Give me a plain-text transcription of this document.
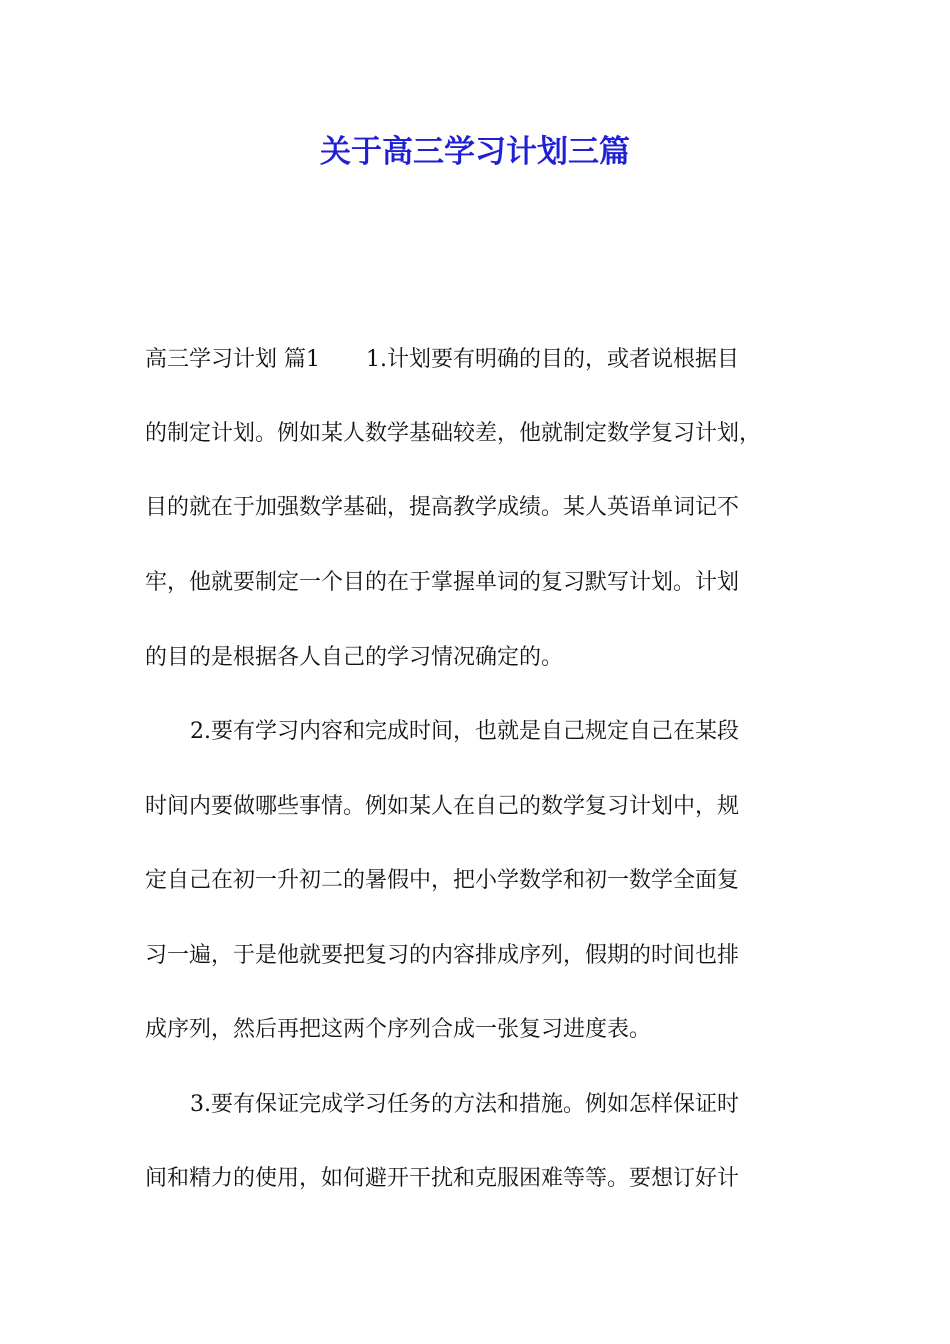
关于高三学习计划三篇

高三学习计划 篇1 1.计划要有明确的目的，或者说根据目

的制定计划。例如某人数学基础较差，他就制定数学复习计划，

目的就在于加强数学基础，提高教学成绩。某人英语单词记不

牢，他就要制定一个目的在于掌握单词的复习默写计划。计划

的目的是根据各人自己的学习情况确定的。

2.要有学习内容和完成时间，也就是自己规定自己在某段

时间内要做哪些事情。例如某人在自己的数学复习计划中，规

定自己在初一升初二的暑假中，把小学数学和初一数学全面复

习一遍，于是他就要把复习的内容排成序列，假期的时间也排

成序列，然后再把这两个序列合成一张复习进度表。

3.要有保证完成学习任务的方法和措施。例如怎样保证时

间和精力的使用，如何避开干扰和克服困难等等。要想订好计
